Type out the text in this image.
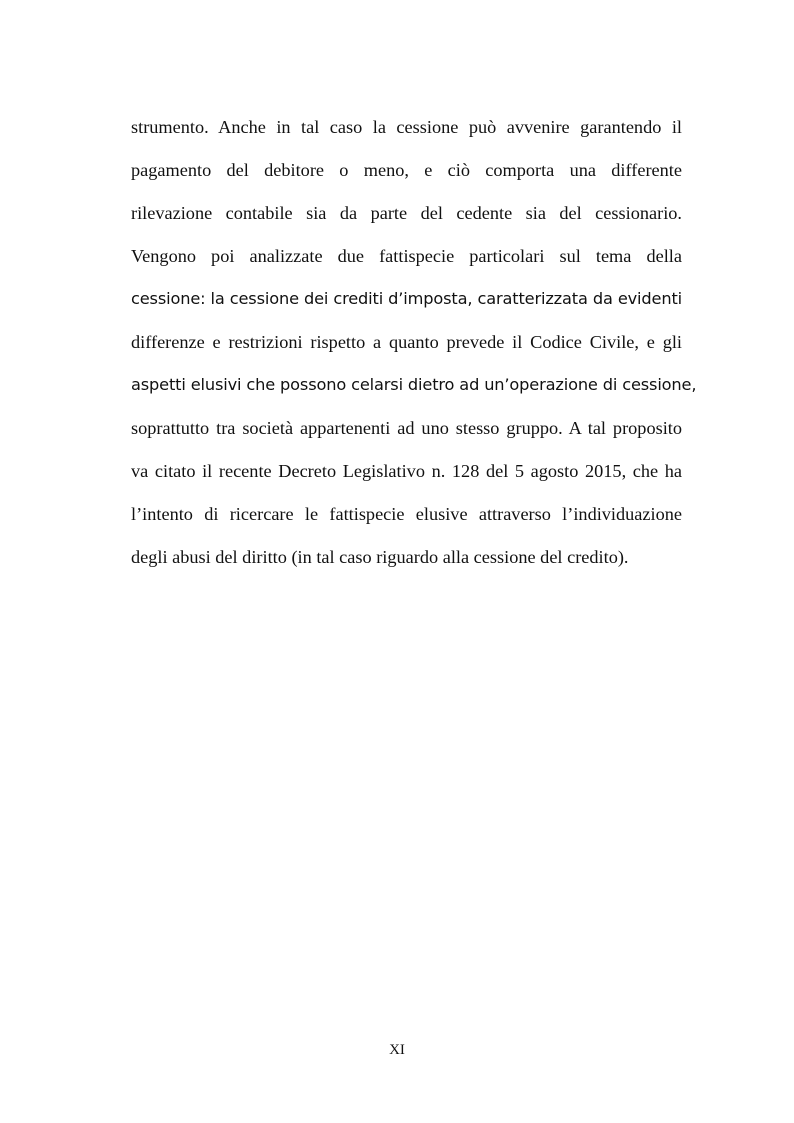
strumento. Anche in tal caso la cessione può avvenire garantendo il
pagamento del debitore o meno, e ciò comporta una differente
rilevazione contabile sia da parte del cedente sia del cessionario.
Vengono poi analizzate due fattispecie particolari sul tema della
cessione: la cessione dei crediti d’imposta, caratterizzata da evidenti
differenze e restrizioni rispetto a quanto prevede il Codice Civile, e gli
aspetti elusivi che possono celarsi dietro ad un’operazione di cessione,
soprattutto tra società appartenenti ad uno stesso gruppo. A tal proposito
va citato il recente Decreto Legislativo n. 128 del 5 agosto 2015, che ha
l’intento di ricercare le fattispecie elusive attraverso l’individuazione
degli abusi del diritto (in tal caso riguardo alla cessione del credito).
XI
